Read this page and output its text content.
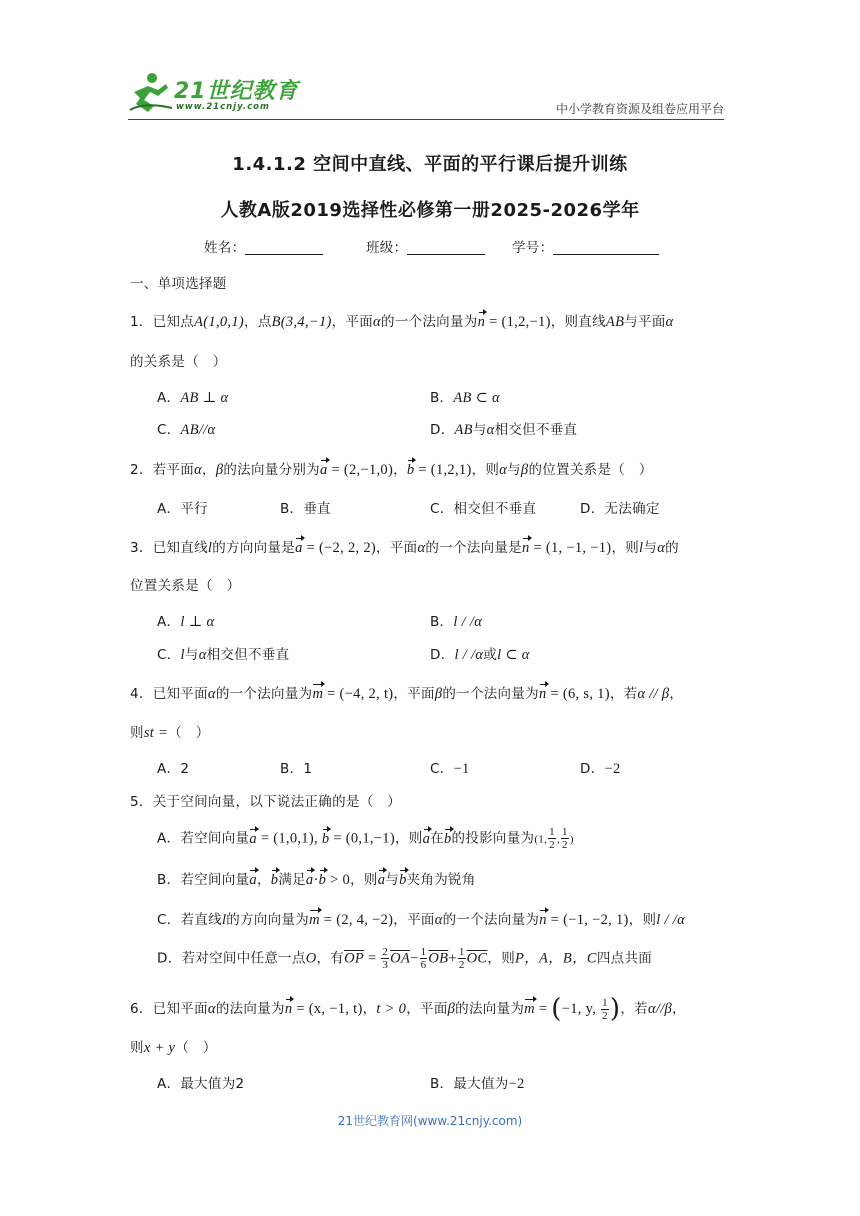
21世纪教育
www.21cnjy.com	中小学教育资源及组卷应用平台
1.4.1.2 空间中直线、平面的平行课后提升训练
人教A版2019选择性必修第一册2025-2026学年
姓名：	班级：	学号：
一、单项选择题
1．已知点A(1,0,1)，点B(3,4,−1)，平面α的一个法向量为n = (1,2,−1)，则直线AB与平面α
的关系是（　）
A．AB ⊥ α	B．AB ⊂ α
C．AB//α	D．AB与α相交但不垂直
2．若平面α，β的法向量分别为a = (2,−1,0)，b = (1,2,1)，则α与β的位置关系是（　）
A．平行	B．垂直	C．相交但不垂直	D．无法确定
3．已知直线l的方向向量是a = (−2, 2, 2)，平面α的一个法向量是n = (1, −1, −1)，则l与α的
位置关系是（　）
A．l ⊥ α	B．l / /α
C．l与α相交但不垂直	D．l / /α或l ⊂ α
4．已知平面α的一个法向量为m = (−4, 2, t)，平面β的一个法向量为n = (6, s, 1)，若α // β，
则st =（　）
A．2	B．1	C．−1	D．−2
5．关于空间向量，以下说法正确的是（　）
A．若空间向量a = (1,0,1), b = (0,1,−1)，则a在b的投影向量为(1, $\frac{1}{2}$ , $\frac{1}{2}$ )
B．若空间向量a，b满足a·b > 0，则a与b夹角为锐角
C．若直线l的方向向量为m = (2, 4, −2)，平面α的一个法向量为n = (−1, −2, 1)，则l / /α
D．若对空间中任意一点O，有$\overline{OP} = \frac{2}{3} \overline{OA}- \frac{1}{6} \overline{OB}+ \frac{1}{2} \overline{OC}$，则P，A，B，C四点共面
6．已知平面α的法向量为n = (x, −1, t)，t > 0，平面β的法向量为m = (−1, y, $\frac{1}{2}$ )，若α//β，
则x + y（　）
A．最大值为2	B．最大值为−2
21世纪教育网(www.21cnjy.com)
